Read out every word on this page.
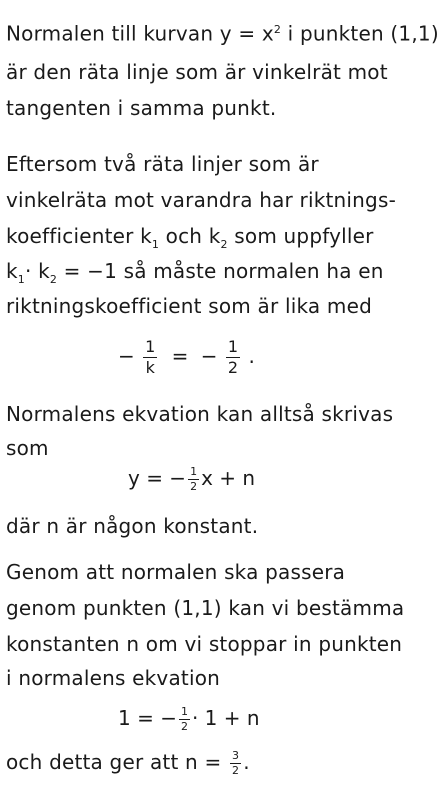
Normalen till kurvan $y = x^2$ i punkten (1,1)
är den räta linje som är vinkelrät mot
tangenten i samma punkt.
Eftersom två räta linjer som är
vinkelräta mot varandra har riktnings-
koefficienter $k_1$ och $k_2$ som uppfyller
$k_1\cdot k_2 = -1$ så måste normalen ha en
riktningskoefficient som är lika med
− $\frac{1}{k}$ = − $\frac{1}{2}$ .
Normalens ekvation kan alltså skrivas
som
y = − $\frac{1}{2}$ x + n
där n är någon konstant.
Genom att normalen ska passera
genom punkten (1,1) kan vi bestämma
konstanten n om vi stoppar in punkten
i normalens ekvation
1 = − $\frac{1}{2} \cdot 1 + n$
och detta ger att $n = \frac{3}{2}$ .
